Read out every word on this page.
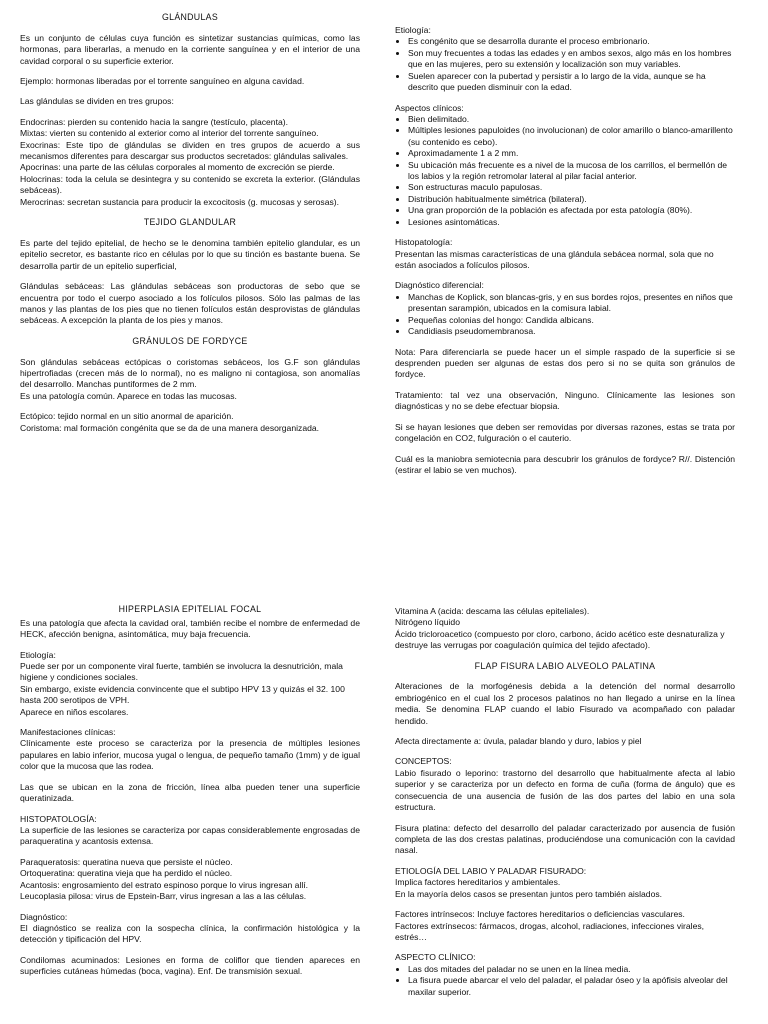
GLÁNDULAS

Es un conjunto de células cuya función es sintetizar sustancias químicas, como las hormonas, para liberarlas, a menudo en la corriente sanguínea y en el interior de una cavidad corporal o su superficie exterior.

Ejemplo: hormonas liberadas por el torrente sanguíneo en alguna cavidad.

Las glándulas se dividen en tres grupos:

Endocrinas: pierden su contenido hacia la sangre (testículo, placenta).
Mixtas: vierten su contenido al exterior como al interior del torrente sanguíneo.
Exocrinas: Este tipo de glándulas se dividen en tres grupos de acuerdo a sus mecanismos diferentes para descargar sus productos secretados: glándulas salivales.
Apocrinas: una parte de las células corporales al momento de excreción se pierde.
Holocrinas: toda la celula se desintegra y su contenido se excreta la exterior. (Glándulas sebáceas).
Merocrinas: secretan sustancia para producir la excocitosis (g. mucosas y serosas).

TEJIDO GLANDULAR

Es parte del tejido epitelial, de hecho se le denomina también epitelio glandular, es un epitelio secretor, es bastante rico en células por lo que su tinción es bastante buena. Se desarrolla partir de un epitelio superficial,

Glándulas sebáceas: Las glándulas sebáceas son productoras de sebo que se encuentra por todo el cuerpo asociado a los folículos pilosos. Sólo las palmas de las manos y las plantas de los pies que no tienen folículos están desprovistas de glándulas sebáceas. A excepción la planta de los pies y manos.

GRÁNULOS DE FORDYCE

Son glándulas sebáceas ectópicas o coristomas sebáceos, los G.F son glándulas hipertrofiadas (crecen más de lo normal), no es maligno ni contagiosa, son anomalías del desarrollo. Manchas puntiformes de 2 mm.
Es una patología común. Aparece en todas las mucosas.
Ectópico: tejido normal en un sitio anormal de aparición.
Coristoma: mal formación congénita que se da de una manera desorganizada.
Etiología:
• Es congénito que se desarrolla durante el proceso embrionario.
• Son muy frecuentes a todas las edades y en ambos sexos, algo más en los hombres que en las mujeres, pero su extensión y localización son muy variables.
• Suelen aparecer con la pubertad y persistir a lo largo de la vida, aunque se ha descrito que pueden disminuir con la edad.
Aspectos clínicos:
• Bien delimitado.
• Múltiples lesiones papuloides (no involucionan) de color amarillo o blanco-amarillento (su contenido es cebo).
• Aproximadamente 1 a 2 mm.
• Su ubicación más frecuente es a nivel de la mucosa de los carrillos, el bermellón de los labios y la región retromolar lateral al pilar facial anterior.
• Son estructuras maculo papulosas.
• Distribución habitualmente simétrica (bilateral).
• Una gran proporción de la población es afectada por esta patología (80%).
• Lesiones asintomáticas.
Histopatología:
Presentan las mismas características de una glándula sebácea normal, sola que no están asociados a folículos pilosos.
Diagnóstico diferencial:
• Manchas de Koplick, son blancas-gris, y en sus bordes rojos, presentes en niños que presentan sarampión, ubicados en la comisura labial.
• Pequeñas colonias del hongo: Candida albicans.
• Candidiasis pseudomembranosa.

Nota: Para diferenciarla se puede hacer un el simple raspado de la superficie si se desprenden pueden ser algunas de estas dos pero si no se quita son gránulos de fordyce.

Tratamiento: tal vez una observación, Ninguno. Clínicamente las lesiones son diagnósticas y no se debe efectuar biopsia.

Si se hayan lesiones que deben ser removidas por diversas razones, estas se trata por congelación en CO2, fulguración o el cauterio.

Cuál es la maniobra semiotecnia para descubrir los gránulos de fordyce? R//. Distención (estirar el labio se ven muchos).

HIPERPLASIA EPITELIAL FOCAL

Es una patología que afecta la cavidad oral, también recibe el nombre de enfermedad de HECK, afección benigna, asintomática, muy baja frecuencia.

Etiología:
Puede ser por un componente viral fuerte, también se involucra la desnutrición, mala higiene y condiciones sociales.
Sin embargo, existe evidencia convincente que el subtipo HPV 13 y quizás el 32. 100 hasta 200 serotipos de VPH.
Aparece en niños escolares.
Manifestaciones clínicas:
Clínicamente este proceso se caracteriza por la presencia de múltiples lesiones papulares en labio inferior, mucosa yugal o lengua, de pequeño tamaño (1mm) y de igual color que la mucosa que las rodea.

Las que se ubican en la zona de fricción, línea alba pueden tener una superficie queratinizada.

HISTOPATOLOGÍA:
La superficie de las lesiones se caracteriza por capas considerablemente engrosadas de paraqueratina y acantosis extensa.
Paraqueratosis: queratina nueva que persiste el núcleo.
Ortoqueratina: queratina vieja que ha perdido el núcleo.
Acantosis: engrosamiento del estrato espinoso porque lo virus ingresan allí.
Leucoplasia pilosa: virus de Epstein-Barr, virus ingresan a las a las células.
Diagnóstico:
El diagnóstico se realiza con la sospecha clínica, la confirmación histológica y la detección y tipificación del HPV.

Condilomas acuminados: Lesiones en forma de coliflor que tienden apareces en superficies cutáneas húmedas (boca, vagina). Enf. De transmisión sexual.

Vitamina A (acida: descama las células epiteliales).
Nitrógeno líquido
Ácido tricloroacetico (compuesto por cloro, carbono, ácido acético este desnaturaliza y destruye las verrugas por coagulación química del tejido afectado).

FLAP FISURA LABIO ALVEOLO PALATINA

Alteraciones de la morfogénesis debida a la detención del normal desarrollo embriogénico en el cual los 2 procesos palatinos no han llegado a unirse en la línea media. Se denomina FLAP cuando el labio Fisurado va acompañado con paladar hendido.

Afecta directamente a: úvula, paladar blando y duro, labios y piel

CONCEPTOS:
Labio fisurado o leporino: trastorno del desarrollo que habitualmente afecta al labio superior y se caracteriza por un defecto en forma de cuña (forma de ángulo) que es consecuencia de una ausencia de fusión de las dos partes del labio en una sola estructura.

Fisura platina: defecto del desarrollo del paladar caracterizado por ausencia de fusión completa de las dos crestas palatinas, produciéndose una comunicación con la cavidad nasal.

ETIOLOGÍA DEL LABIO Y PALADAR FISURADO:
Implica factores hereditarios y ambientales.
En la mayoría delos casos se presentan juntos pero también aislados.
Factores intrínsecos: Incluye factores hereditarios o deficiencias vasculares.
Factores extrínsecos: fármacos, drogas, alcohol, radiaciones, infecciones virales, estrés…
ASPECTO CLÍNICO:
• Las dos mitades del paladar no se unen en la línea media.
• La fisura puede abarcar el velo del paladar, el paladar óseo y la apófisis alveolar del maxilar superior.
